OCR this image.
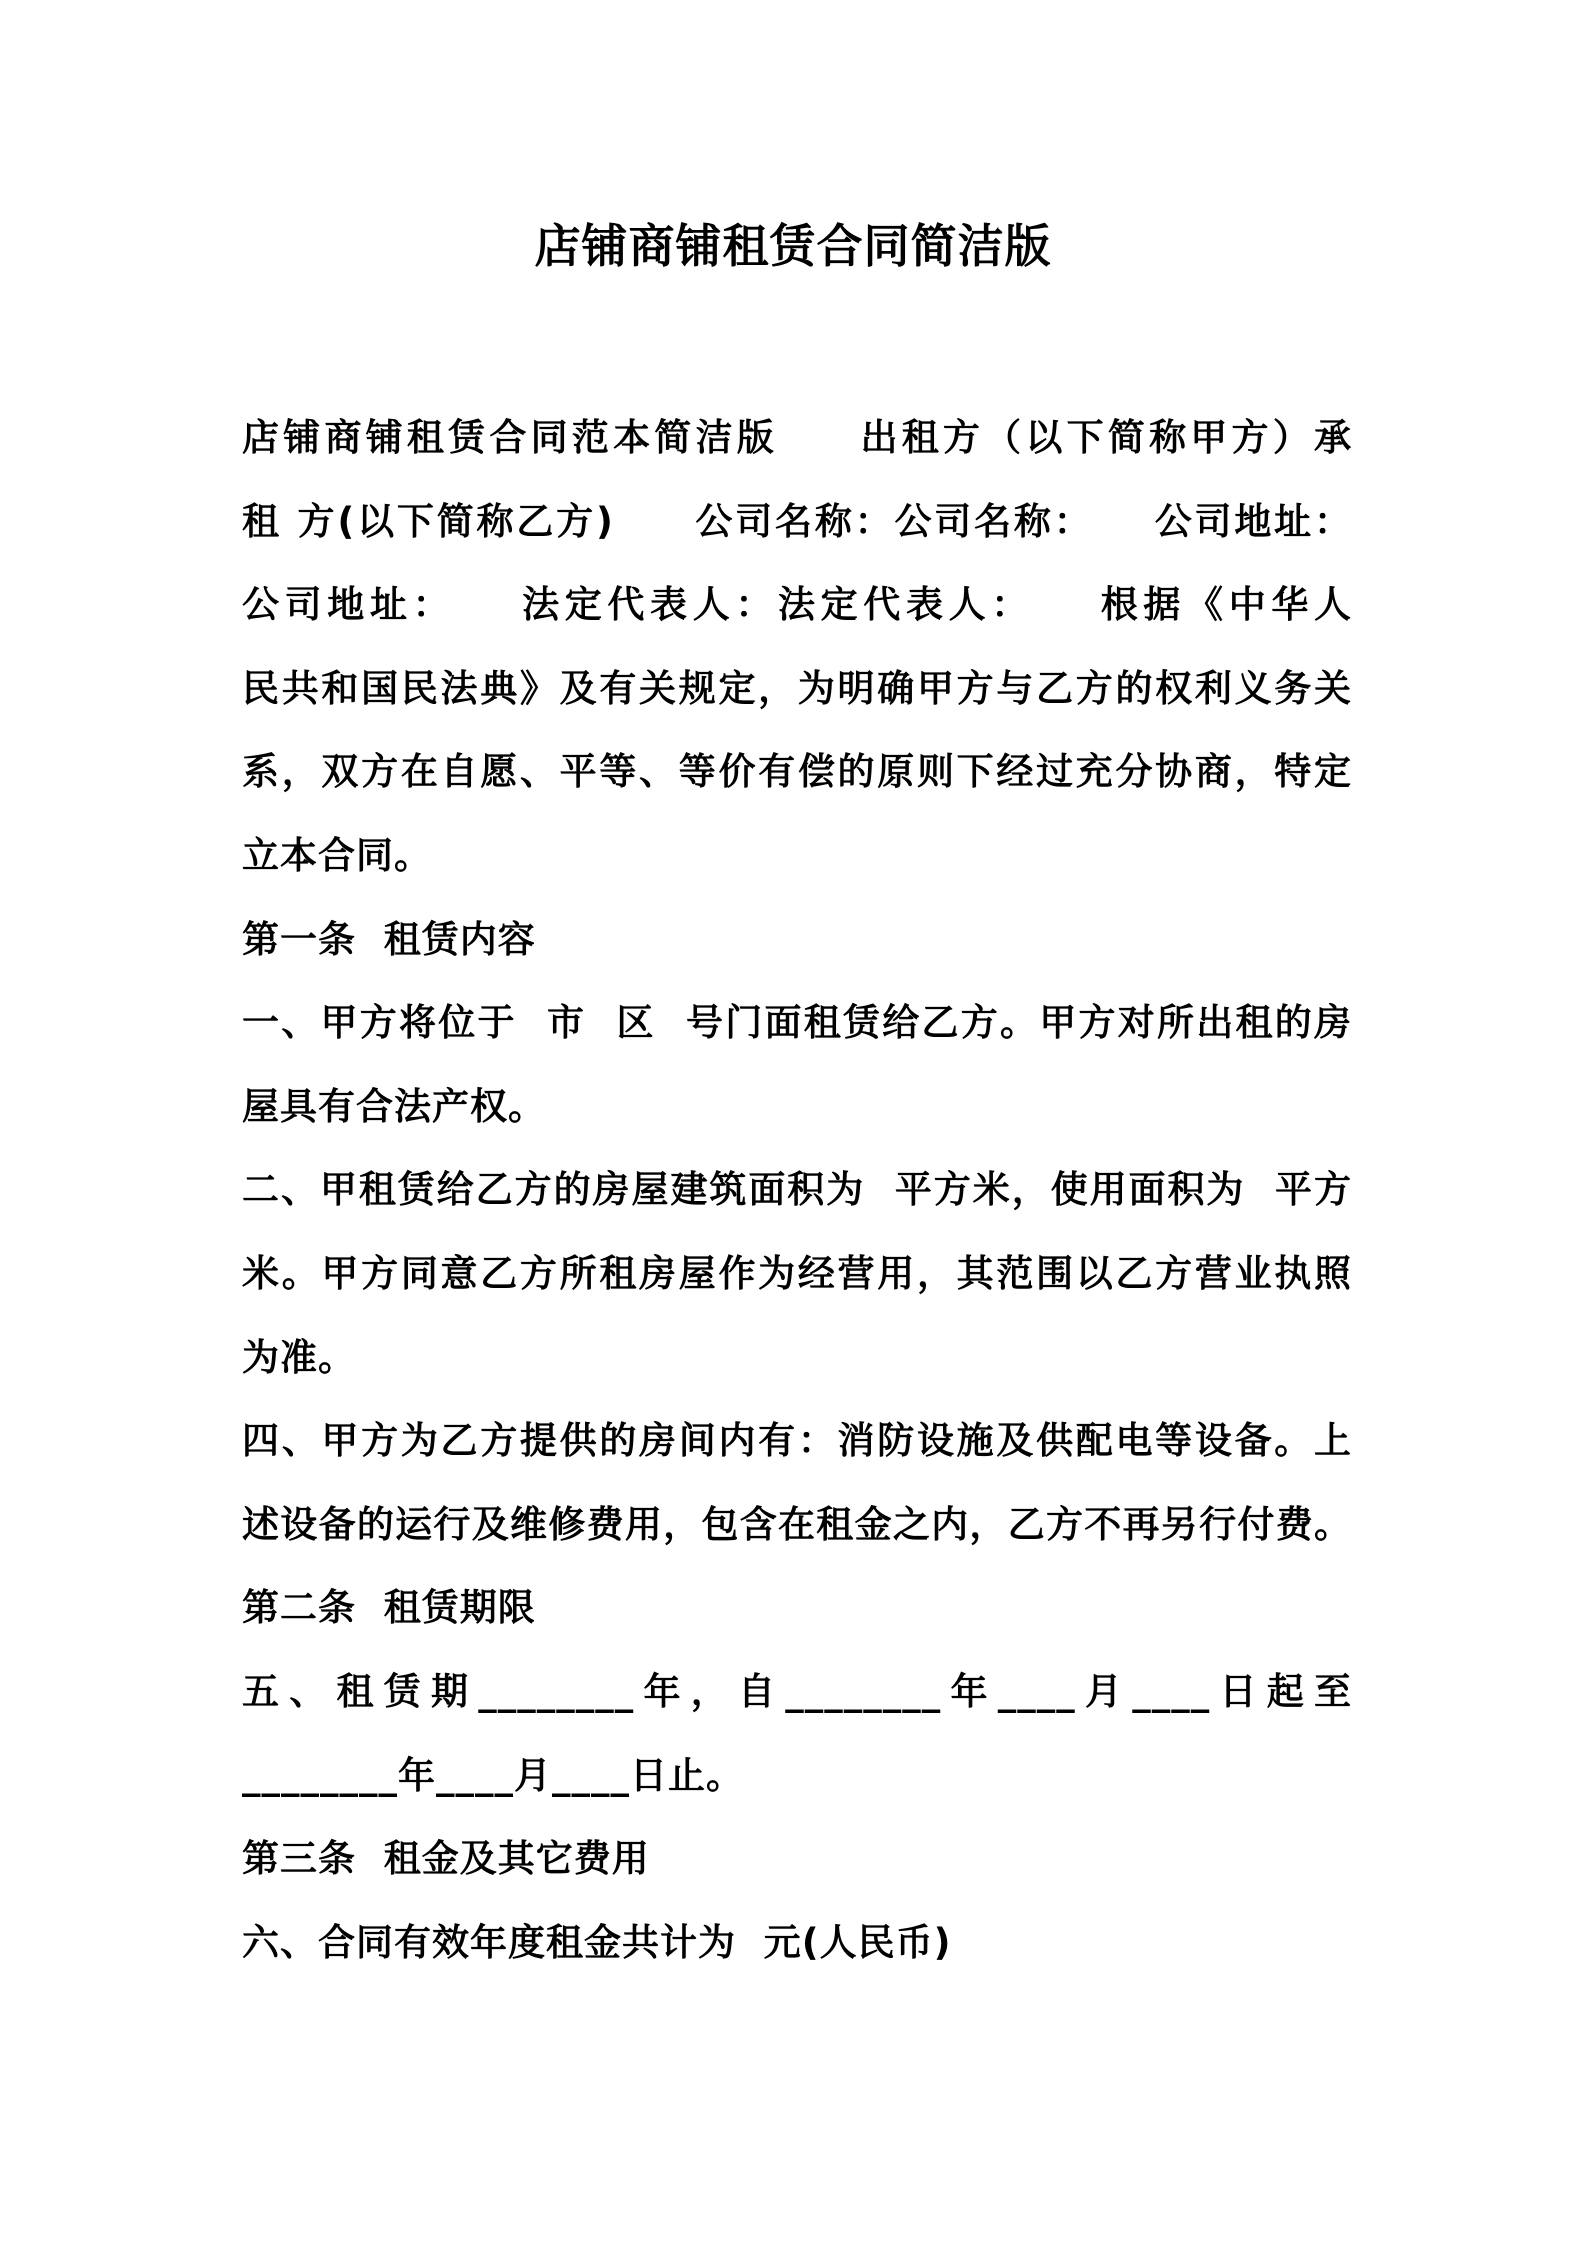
店铺商铺租赁合同简洁版
店铺商铺租赁合同范本简洁版　　出租方（以下简称甲方）承
租 方(以下简称乙方)　　公司名称：公司名称：　　公司地址：
公司地址：　　法定代表人：法定代表人：　　根据《中华人
民共和国民法典》及有关规定，为明确甲方与乙方的权利义务关
系，双方在自愿、平等、等价有偿的原则下经过充分协商，特定
立本合同。
第一条  租赁内容
一、甲方将位于  市  区  号门面租赁给乙方。甲方对所出租的房
屋具有合法产权。
二、甲租赁给乙方的房屋建筑面积为  平方米，使用面积为  平方
米。甲方同意乙方所租房屋作为经营用，其范围以乙方营业执照
为准。
四、甲方为乙方提供的房间内有：消防设施及供配电等设备。上
述设备的运行及维修费用，包含在租金之内，乙方不再另行付费。
第二条  租赁期限
五、租赁期________年，自________年____月____日起至
________年____月____日止。
第三条  租金及其它费用
六、合同有效年度租金共计为  元(人民币)
